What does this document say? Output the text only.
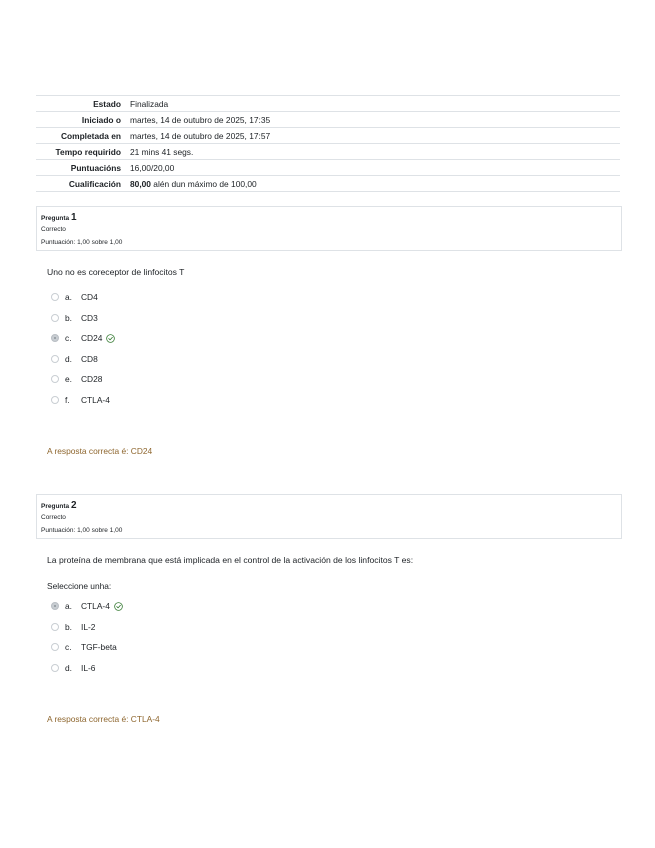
Estado	Finalizada
Iniciado o	martes, 14 de outubro de 2025, 17:35
Completada en	martes, 14 de outubro de 2025, 17:57
Tempo requirido	21 mins 41 segs.
Puntuacións	16,00/20,00
Cualificación	80,00 alén dun máximo de 100,00
Pregunta 1
Correcto
Puntuación: 1,00 sobre 1,00
Uno no es coreceptor de linfocitos T
a.	CD4
b.	CD3
c.	CD24
d.	CD8
e.	CD28
f.	CTLA-4
A resposta correcta é: CD24
Pregunta 2
Correcto
Puntuación: 1,00 sobre 1,00
La proteína de membrana que está implicada en el control de la activación de los linfocitos T es:
Seleccione unha:
a.	CTLA-4
b.	IL-2
c.	TGF-beta
d.	IL-6
A resposta correcta é: CTLA-4
